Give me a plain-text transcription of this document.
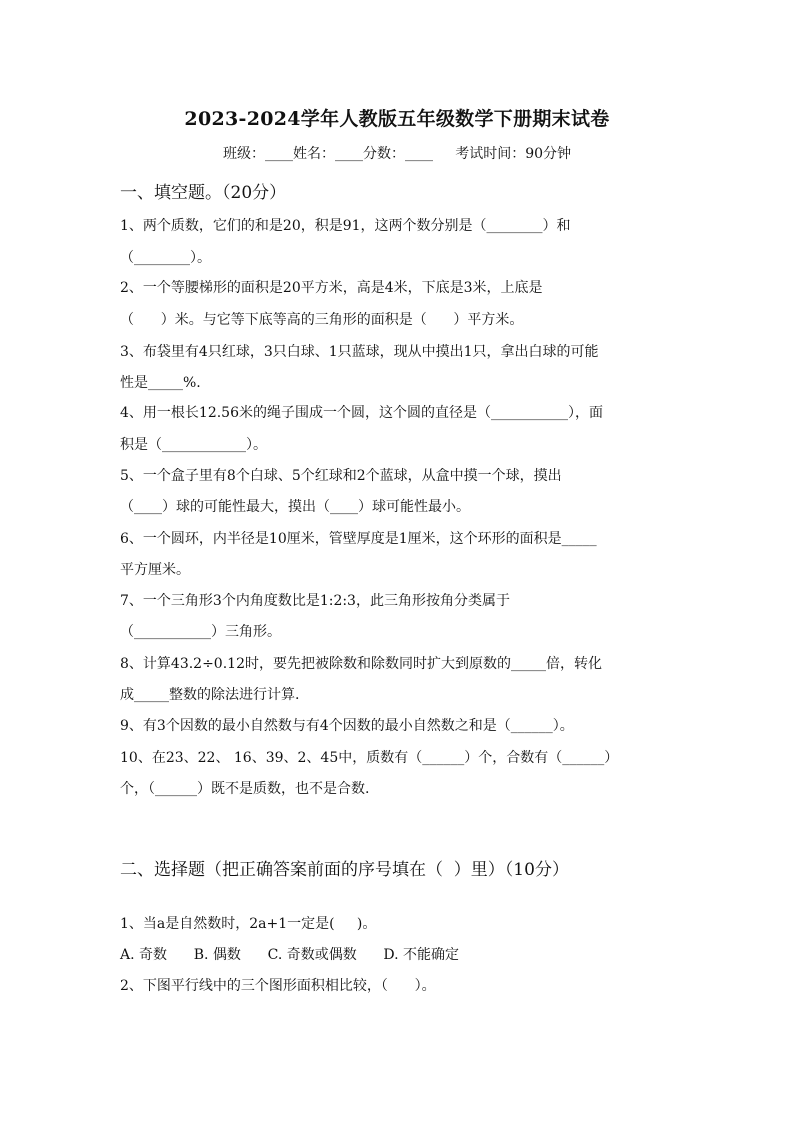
2023-2024学年人教版五年级数学下册期末试卷
班级：____姓名：____分数：____     考试时间：90分钟
一、填空题。（20分）
1、两个质数，它们的和是20，积是91，这两个数分别是（________）和
（________）。
2、一个等腰梯形的面积是20平方米，高是4米，下底是3米，上底是
（      ）米。与它等下底等高的三角形的面积是（      ）平方米。
3、布袋里有4只红球，3只白球、1只蓝球，现从中摸出1只，拿出白球的可能
性是_____%.
4、用一根长12.56米的绳子围成一个圆，这个圆的直径是（___________），面
积是（____________）。
5、一个盒子里有8个白球、5个红球和2个蓝球，从盒中摸一个球，摸出
（____）球的可能性最大，摸出（____）球可能性最小。
6、一个圆环，内半径是10厘米，管壁厚度是1厘米，这个环形的面积是_____
平方厘米。
7、一个三角形3个内角度数比是1:2:3，此三角形按角分类属于
（___________）三角形。
8、计算43.2÷0.12时，要先把被除数和除数同时扩大到原数的_____倍，转化
成_____整数的除法进行计算.
9、有3个因数的最小自然数与有4个因数的最小自然数之和是（______）。
10、在23、22、 16、39、2、45中，质数有（______）个，合数有（______）
个，（______）既不是质数，也不是合数.
二、选择题（把正确答案前面的序号填在（  ）里）（10分）
1、当a是自然数时，2a+1一定是(     )。
A. 奇数      B. 偶数      C. 奇数或偶数      D. 不能确定
2、下图平行线中的三个图形面积相比较，（      ）。
